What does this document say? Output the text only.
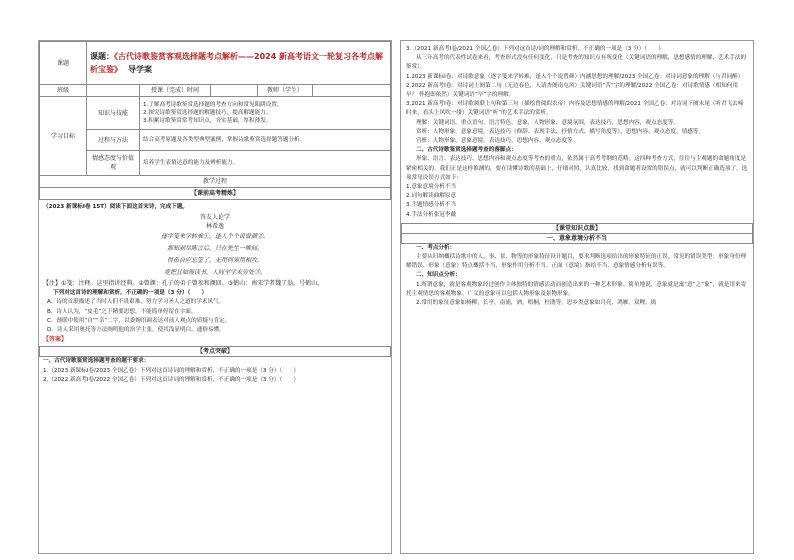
课题	课题：《古代诗歌鉴赏客观选择题考点解析——2024 新高考语文一轮复习各考点解析宝鉴》 导学案				
班级		授课（完成）时间		教师（学生）	
学习目标	知识与技能	1.了解高考诗歌鉴赏选择题的考查方向和常见陷阱设置。
2.探究诗歌鉴赏选择题的解题技巧，提高解题能力。
3.积累诗歌鉴赏常考知识点，夯实基础，厚积薄发。			
	过程与方法	结合高考原题及各类型典型案例，掌握诗歌鉴赏选择题答题分析。			
	情感态度与价值观	培养学生表情达意的能力及辨析能力。			
教学过程					
【课前高考精炼】					
（2023 新课标Ⅰ卷 15T）阅读下面这首宋诗，完成下题。
答友人论学
林希逸
逐字笺来学转难①，逢人个个说曾颜②。
那知剥尽陈言后，只在先生一唯间。
得鱼自应忘筌了，无用何须用相攻。
竟把且如漫读书，人间至学未穷处③。
【注】①笺：注释。这里指讲经典。②曾颜：孔子的弟子曾参和颜回。③鹤山：南宋学者魏了翁，号鹤山。
下列对这首诗的理解和赏析，不正确的一项是（3 分）（　　）
A．诗的首联描述了当时人们不畏艰难、努力学习圣人之道的学术风气。
B．诗人认为，“皮毛”之下精要思想，不能简单停留在字面。
C．颈联中使用“自”“亲”二字，以委婉语调表达对前人观点的质疑与肯定。
D．诗人采用奥托等方法阐明他的治学主张，使其浅显明白、通俗易懂。
【答案】
【考点突破】
一、古代诗歌鉴赏选择题考查的题干要求：
1.（2023 新课标Ⅰ卷/2023 全国乙卷）下列对这首诗词的理解和赏析，不正确的一项是（3 分）（　　）
2.（2022 新高考Ⅰ卷/2022 全国乙卷）下列对这首诗词的理解和赏析，不正确的一项是（3 分）（　　）
3.（2021 新高考Ⅰ卷/2021 全国乙卷）下列对这首诗/词的理解和赏析，不正确的一项是（3 分）（　　）
从三年高考的代表性试卷来看，考查形式没有任何变化，只是考查的知识点有所变化（关键词语的理解，思想感情的理解，艺术手法的鉴赏）。
1.2023 新课标Ⅰ卷：对诗歌意象（逐字笺来学转难，逢人个个说曾颜）内涵思想的理解/2023 全国乙卷：对诗词意象的理解（与君同醉）
2.2022 新高考Ⅰ卷：对诗词上阕第二句（无边春色，人请杏阁南屯风）关键词语“苦”字的理解/2022 全国乙卷：对诗歌情感（相知何用早？ 怀抱即依然）关键词语“早”字的理解。
3.2021 新高考Ⅰ卷：对诗歌颔联上句和第三句（描绘曾阅似农帝）内容及思想情感的理解/2021 全国乙卷：对诗词下阕末尾（听君飞去啼时来，看头上风吹一缕）关键词语“听”的艺术手法的赏析。
理解：关键词语，重点语句，语言特色，意象，人物形象，意境氛围，表达技巧，思想内容，观点态度等。
赏析：人物形象，意象意境，表达技巧（修辞、表现手法、抒情方式、描写角度等），思想内容，观点态度，情感等。
宫析：人物形象，意象意境，表达技巧，思想内容，观点态度等。
二、古代诗歌鉴赏选择题考查的落脚点：
形象、语言、表达技巧、思想内容和观点态度等考查的重点，依然属于高考考纲的范畴。这四种考查方式，往往与主观题的命题角度是紧密相关的。我们正是这样推测的，要在读懂诗歌的基础上，仔细对照，认真比较，找到命题者设置的错误点，就可以判断正确选项了。选项常见设误方式如下：
1.意象意境分析不当
2.词句解读曲解原意
3.主题情感分析不当
4.手法分析张冠李戴
【课堂知识点拨】
一、意象意境分析不当
一、考点分析：
主要从归纳概括诗歌中的人、事、景、物等的形象特征设计题目，要求判断选项给出的形象特征的正误。常见的错误类型：形象身份理解错误、形象（意象）特点概括不当、形象作用分析不当、正面（意境）指给不当、意象情感分析有误等。
二、知识点分析：
1.所谓意象，就是客观物象经过创作主体独特的情感活动而创造出来的一种艺术形象。简单地说，意象就是寓“意”之“象”，就是用来寄托主观情思的客观物象。广义的意象可以包括人物形象及景物形象。
2.常用的象征意象如杨柳，长亭，南浦，酒，梧桐，杜鹃等。思乡类意象如月亮，鸿雁，双鲤，捣
